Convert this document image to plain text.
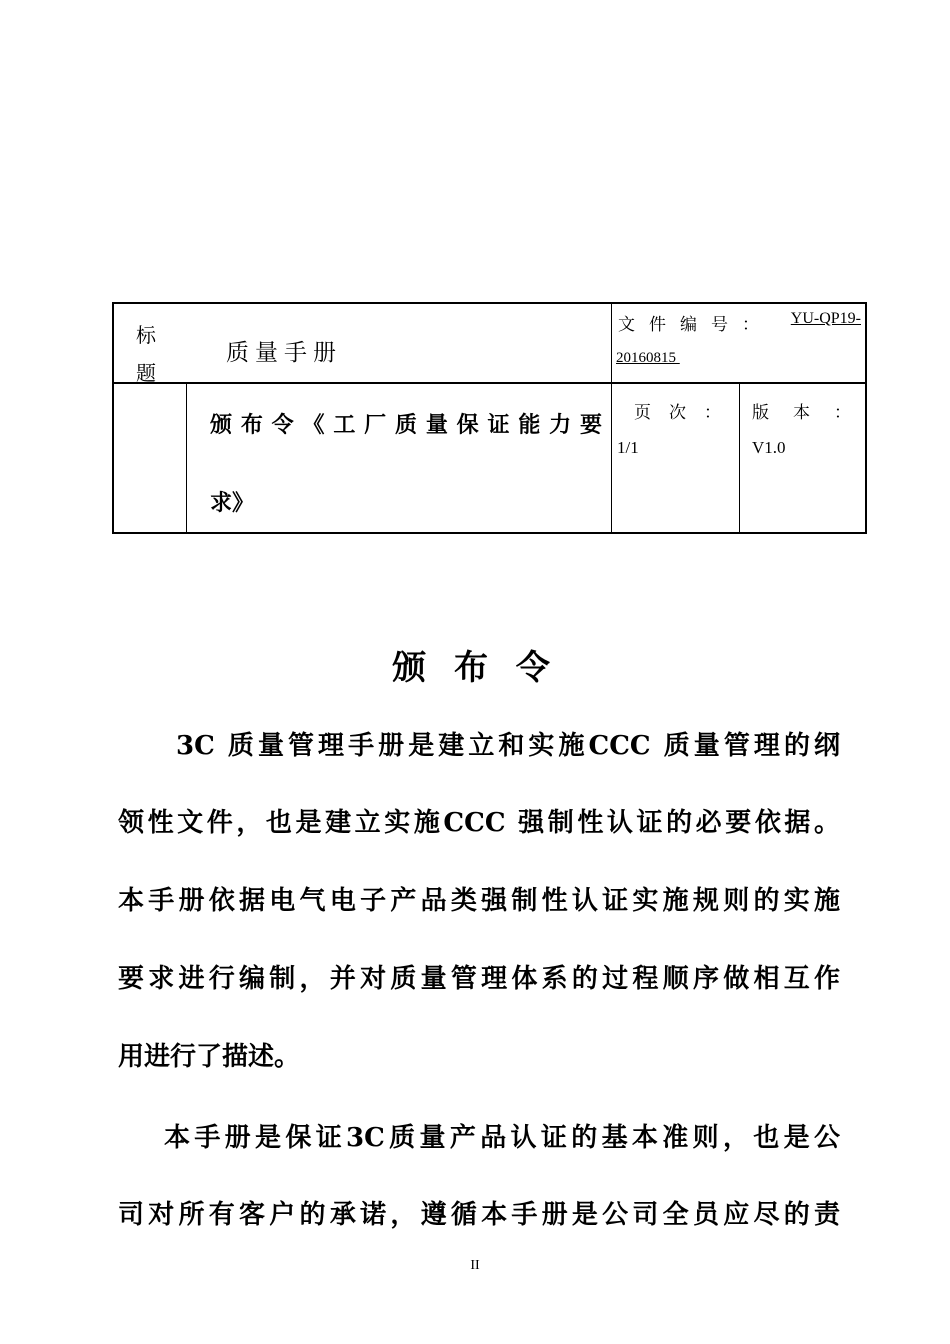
质量手册
文件编号： YU-QP19-
20160815
标题
颁布令《工厂质量保证能力要
求》
页次：
1/1
版本：
V1.0
颁 布 令
3C 质量管理手册是建立和实施CCC 质量管理的纲
领性文件，也是建立实施CCC 强制性认证的必要依据。
本手册依据电气电子产品类强制性认证实施规则的实施
要求进行编制，并对质量管理体系的过程顺序做相互作
用进行了描述。
本手册是保证3C质量产品认证的基本准则，也是公
司对所有客户的承诺，遵循本手册是公司全员应尽的责
II
